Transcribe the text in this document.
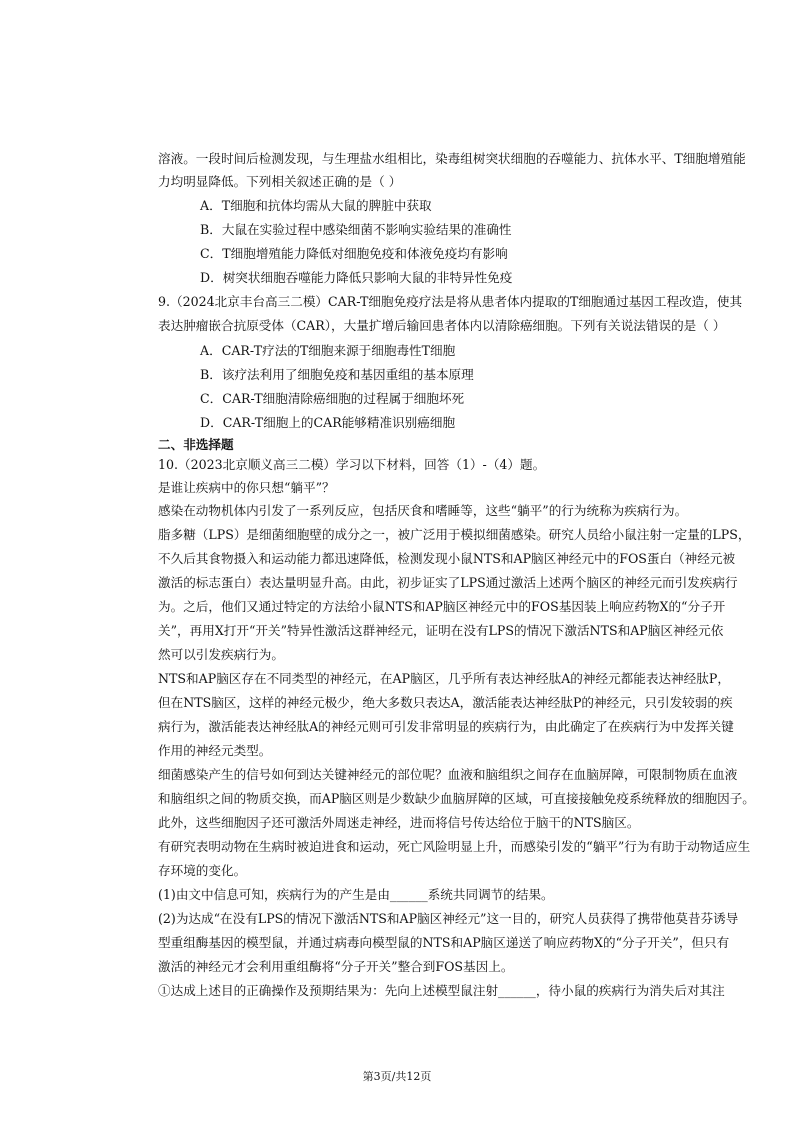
溶液。一段时间后检测发现，与生理盐水组相比，染毒组树突状细胞的吞噬能力、抗体水平、T细胞增殖能
力均明显降低。下列相关叙述正确的是（ ）
A．T细胞和抗体均需从大鼠的脾脏中获取
B．大鼠在实验过程中感染细菌不影响实验结果的准确性
C．T细胞增殖能力降低对细胞免疫和体液免疫均有影响
D．树突状细胞吞噬能力降低只影响大鼠的非特异性免疫
9.（2024北京丰台高三二模）CAR-T细胞免疫疗法是将从患者体内提取的T细胞通过基因工程改造，使其
表达肿瘤嵌合抗原受体（CAR），大量扩增后输回患者体内以清除癌细胞。下列有关说法错误的是（ ）
A．CAR-T疗法的T细胞来源于细胞毒性T细胞
B．该疗法利用了细胞免疫和基因重组的基本原理
C．CAR-T细胞清除癌细胞的过程属于细胞坏死
D．CAR-T细胞上的CAR能够精准识别癌细胞
二、非选择题
10.（2023北京顺义高三二模）学习以下材料，回答（1）-（4）题。
是谁让疾病中的你只想“躺平”？
感染在动物机体内引发了一系列反应，包括厌食和嗜睡等，这些“躺平”的行为统称为疾病行为。
脂多糖（LPS）是细菌细胞壁的成分之一，被广泛用于模拟细菌感染。研究人员给小鼠注射一定量的LPS，
不久后其食物摄入和运动能力都迅速降低，检测发现小鼠NTS和AP脑区神经元中的FOS蛋白（神经元被
激活的标志蛋白）表达量明显升高。由此，初步证实了LPS通过激活上述两个脑区的神经元而引发疾病行
为。之后，他们又通过特定的方法给小鼠NTS和AP脑区神经元中的FOS基因装上响应药物X的“分子开
关”，再用X打开“开关”特异性激活这群神经元，证明在没有LPS的情况下激活NTS和AP脑区神经元依
然可以引发疾病行为。
NTS和AP脑区存在不同类型的神经元，在AP脑区，几乎所有表达神经肽A的神经元都能表达神经肽P，
但在NTS脑区，这样的神经元极少，绝大多数只表达A，激活能表达神经肽P的神经元，只引发较弱的疾
病行为，激活能表达神经肽A的神经元则可引发非常明显的疾病行为，由此确定了在疾病行为中发挥关键
作用的神经元类型。
细菌感染产生的信号如何到达关键神经元的部位呢？血液和脑组织之间存在血脑屏障，可限制物质在血液
和脑组织之间的物质交换，而AP脑区则是少数缺少血脑屏障的区域，可直接接触免疫系统释放的细胞因子。
此外，这些细胞因子还可激活外周迷走神经，进而将信号传达给位于脑干的NTS脑区。
有研究表明动物在生病时被迫进食和运动，死亡风险明显上升，而感染引发的“躺平”行为有助于动物适应生
存环境的变化。
(1)由文中信息可知，疾病行为的产生是由______系统共同调节的结果。
(2)为达成“在没有LPS的情况下激活NTS和AP脑区神经元”这一目的，研究人员获得了携带他莫昔芬诱导
型重组酶基因的模型鼠，并通过病毒向模型鼠的NTS和AP脑区递送了响应药物X的“分子开关”，但只有
激活的神经元才会利用重组酶将“分子开关”整合到FOS基因上。
①达成上述目的正确操作及预期结果为：先向上述模型鼠注射______，待小鼠的疾病行为消失后对其注
第3页/共12页
